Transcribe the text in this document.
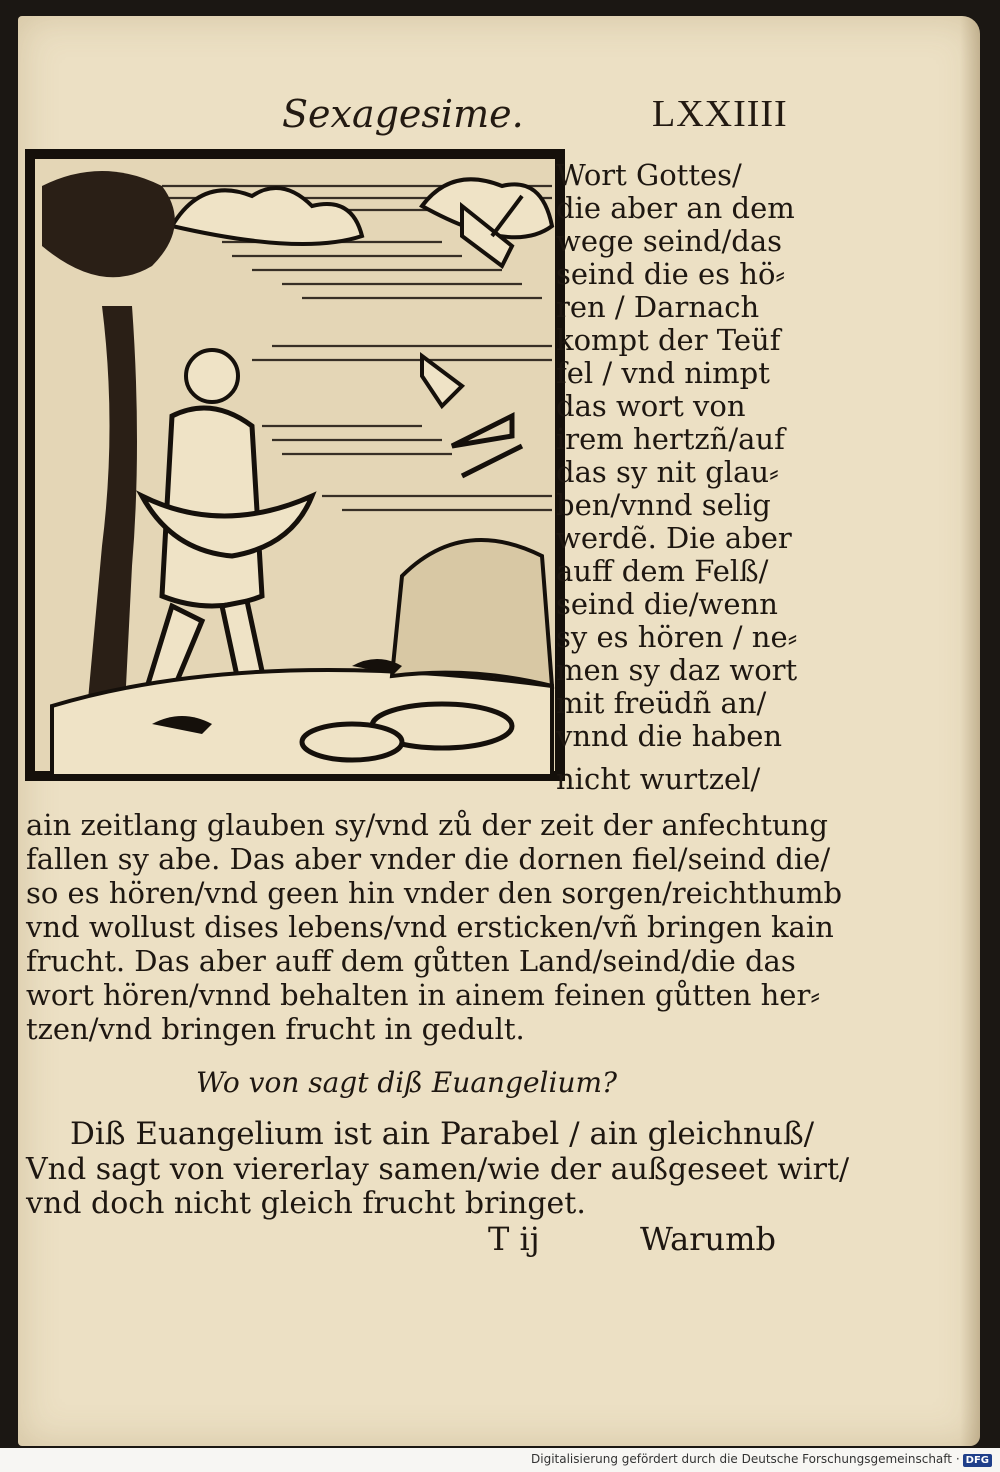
Sexagesime.	LXXIIII
Wort Gottes/
die aber an dem
wege seind/das
seind die es hö⸗
ren / Darnach
kompt der Teüf
fel / vnd nimpt
das wort von
irem hertzñ/auf
das sy nit glau⸗
ben/vnnd selig
werdẽ. Die aber
auff dem Felß/
seind die/wenn
sy es hören / ne⸗
men sy daz wort
mit freüdñ an/
vnnd die haben
nicht wurtzel/
ain zeitlang glauben sy/vnd zů der zeit der anfechtung
fallen sy abe. Das aber vnder die dornen fiel/seind die/
so es hören/vnd geen hin vnder den sorgen/reichthumb
vnd wollust dises lebens/vnd ersticken/vñ bringen kain
frucht. Das aber auff dem gůtten Land/seind/die das
wort hören/vnnd behalten in ainem feinen gůtten her⸗
tzen/vnd bringen frucht in gedult.
Wo von sagt diß Euangelium?
Diß Euangelium ist ain Parabel / ain gleichnuß/
Vnd sagt von viererlay samen/wie der außgeseet wirt/
vnd doch nicht gleich frucht bringet.
T ij	Warumb
Digitalisierung gefördert durch die Deutsche Forschungsgemeinschaft · DFG
